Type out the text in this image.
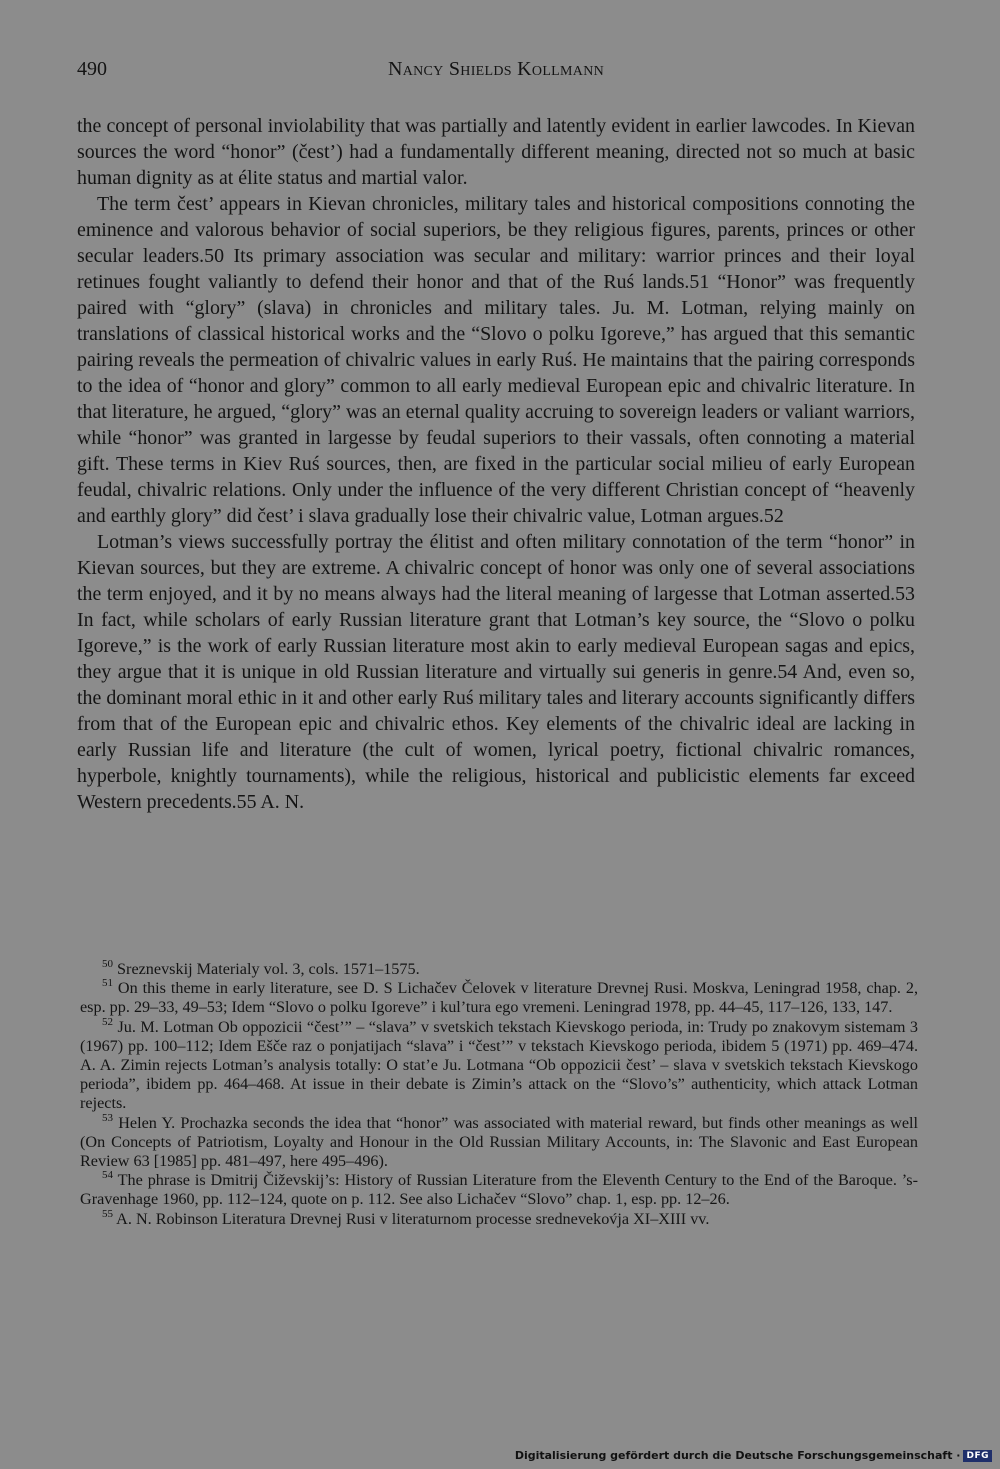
490	Nancy Shields Kollmann

the concept of personal inviolability that was partially and latently evident in earlier lawcodes. In Kievan sources the word “honor” (čest’) had a fundamentally different meaning, directed not so much at basic human dignity as at élite status and martial valor.

The term čest’ appears in Kievan chronicles, military tales and historical compositions connoting the eminence and valorous behavior of social superiors, be they religious figures, parents, princes or other secular leaders.50 Its primary association was secular and military: warrior princes and their loyal retinues fought valiantly to defend their honor and that of the Ruś lands.51 “Honor” was frequently paired with “glory” (slava) in chronicles and military tales. Ju. M. Lotman, relying mainly on translations of classical historical works and the “Slovo o polku Igoreve,” has argued that this semantic pairing reveals the permeation of chivalric values in early Ruś. He maintains that the pairing corresponds to the idea of “honor and glory” common to all early medieval European epic and chivalric literature. In that literature, he argued, “glory” was an eternal quality accruing to sovereign leaders or valiant warriors, while “honor” was granted in largesse by feudal superiors to their vassals, often connoting a material gift. These terms in Kiev Ruś sources, then, are fixed in the particular social milieu of early European feudal, chivalric relations. Only under the influence of the very different Christian concept of “heavenly and earthly glory” did čest’ i slava gradually lose their chivalric value, Lotman argues.52

Lotman’s views successfully portray the élitist and often military connotation of the term “honor” in Kievan sources, but they are extreme. A chivalric concept of honor was only one of several associations the term enjoyed, and it by no means always had the literal meaning of largesse that Lotman asserted.53 In fact, while scholars of early Russian literature grant that Lotman’s key source, the “Slovo o polku Igoreve,” is the work of early Russian literature most akin to early medieval European sagas and epics, they argue that it is unique in old Russian literature and virtually sui generis in genre.54 And, even so, the dominant moral ethic in it and other early Ruś military tales and literary accounts significantly differs from that of the European epic and chivalric ethos. Key elements of the chivalric ideal are lacking in early Russian life and literature (the cult of women, lyrical poetry, fictional chivalric romances, hyperbole, knightly tournaments), while the religious, historical and publicistic elements far exceed Western precedents.55 A. N.

$^{50}$ Sreznevskij Materialy vol. 3, cols. 1571–1575.

$^{51}$ On this theme in early literature, see D. S Lichačev Čelovek v literature Drevnej Rusi. Moskva, Leningrad 1958, chap. 2, esp. pp. 29–33, 49–53; Idem “Slovo o polku Igoreve” i kul’tura ego vremeni. Leningrad 1978, pp. 44–45, 117–126, 133, 147.

$^{52}$ Ju. M. Lotman Ob oppozicii “čest’” – “slava” v svetskich tekstach Kievskogo perioda, in: Trudy po znakovym sistemam 3 (1967) pp. 100–112; Idem Ešče raz o ponjatijach “slava” i “čest’” v tekstach Kievskogo perioda, ibidem 5 (1971) pp. 469–474. A. A. Zimin rejects Lotman’s analysis totally: O stat’e Ju. Lotmana “Ob oppozicii čest’ – slava v svetskich tekstach Kievskogo perioda”, ibidem pp. 464–468. At issue in their debate is Zimin’s attack on the “Slovo’s” authenticity, which attack Lotman rejects.

$^{53}$ Helen Y. Prochazka seconds the idea that “honor” was associated with material reward, but finds other meanings as well (On Concepts of Patriotism, Loyalty and Honour in the Old Russian Military Accounts, in: The Slavonic and East European Review 63 [1985] pp. 481–497, here 495–496).

$^{54}$ The phrase is Dmitrij Čiževskij’s: History of Russian Literature from the Eleventh Century to the End of the Baroque. ’s-Gravenhage 1960, pp. 112–124, quote on p. 112. See also Lichačev “Slovo” chap. 1, esp. pp. 12–26.

$^{55}$ A. N. Robinson Literatura Drevnej Rusi v literaturnom processe srednevekov́ja XI–XIII vv.

Digitalisierung gefördert durch die Deutsche Forschungsgemeinschaft · DFG
